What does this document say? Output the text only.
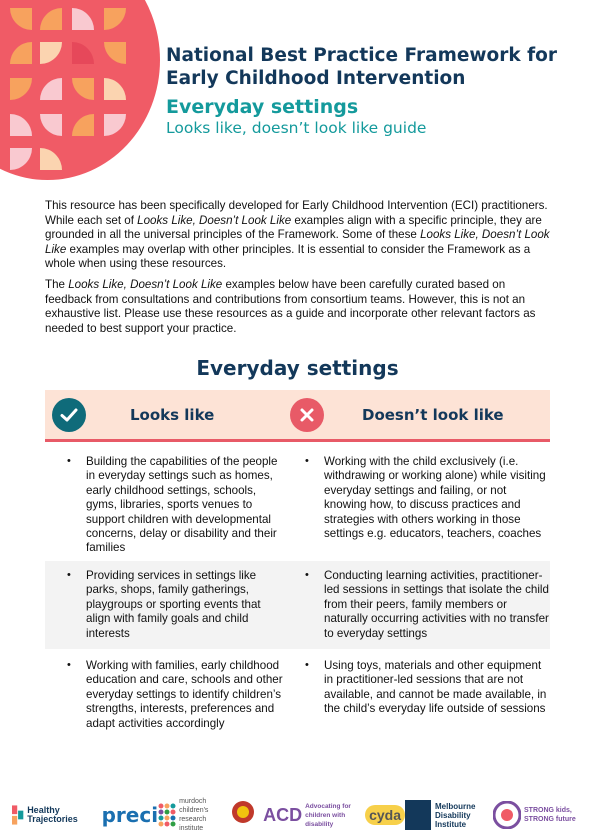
National Best Practice Framework for Early Childhood Intervention
Everyday settings
Looks like, doesn’t look like guide

This resource has been specifically developed for Early Childhood Intervention (ECI) practitioners. While each set of Looks Like, Doesn’t Look Like examples align with a specific principle, they are grounded in all the universal principles of the Framework. Some of these Looks Like, Doesn’t Look Like examples may overlap with other principles. It is essential to consider the Framework as a whole when using these resources.

The Looks Like, Doesn’t Look Like examples below have been carefully curated based on feedback from consultations and contributions from consortium teams. However, this is not an exhaustive list. Please use these resources as a guide and incorporate other relevant factors as needed to best support your practice.

Everyday settings
Looks like	Doesn’t look like
• Building the capabilities of the people in everyday settings such as homes, early childhood settings, schools, gyms, libraries, sports venues to support children with developmental concerns, delay or disability and their families
• Working with the child exclusively (i.e. withdrawing or working alone) while visiting everyday settings and failing, or not knowing how, to discuss practices and strategies with others working in those settings e.g. educators, teachers, coaches
• Providing services in settings like parks, shops, family gatherings, playgroups or sporting events that align with family goals and child interests
• Conducting learning activities, practitioner-led sessions in settings that isolate the child from their peers, family members or naturally occurring activities with no transfer to everyday settings
• Working with families, early childhood education and care, schools and other everyday settings to identify children’s strengths, interests, preferences and adapt activities accordingly
• Using toys, materials and other equipment in practitioner-led sessions that are not available, and cannot be made available, in the child’s everyday life outside of sessions
Healthy Trajectories	preci
murdoch children's research institute
ACD Advocating for children with disability
cyda
Melbourne Disability Institute
STRONG kids, STRONG future
